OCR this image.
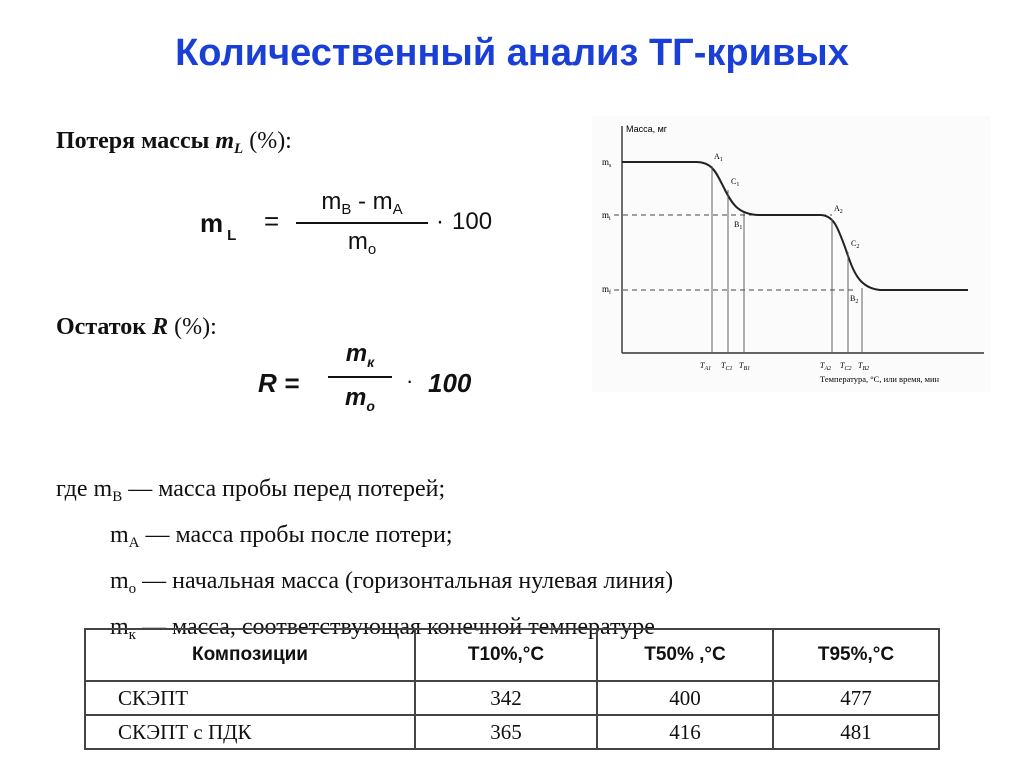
Количественный анализ ТГ-кривых
Потеря массы $m_L$ (%):
m $_L$ =
$m_B - m_A$
$m_o$
· 100
Остаток R (%):
R =
$m_к$
$m_o$
· 100
где $m_B$ — масса пробы перед потерей;
$m_A$ — масса пробы после потери;
$m_o$ — начальная масса (горизонтальная нулевая линия)
$m_к$ — масса, соответствующая конечной температуре
Масса, мг
$m_s$
$m_i$
$m_f$
$A_1$
$C_1$
$B_1$
$A_2$
$C_2$
$B_2$
$T_{A1}$ $T_{C1}$ $T_{B1}$	$T_{A2}$ $T_{C2}$ $T_{B2}$
Температура, °С, или время, мин
Композиции	T10%,°C	T50% ,°C	T95%,°C
СКЭПТ	342	400	477
СКЭПТ с ПДК	365	416	481
